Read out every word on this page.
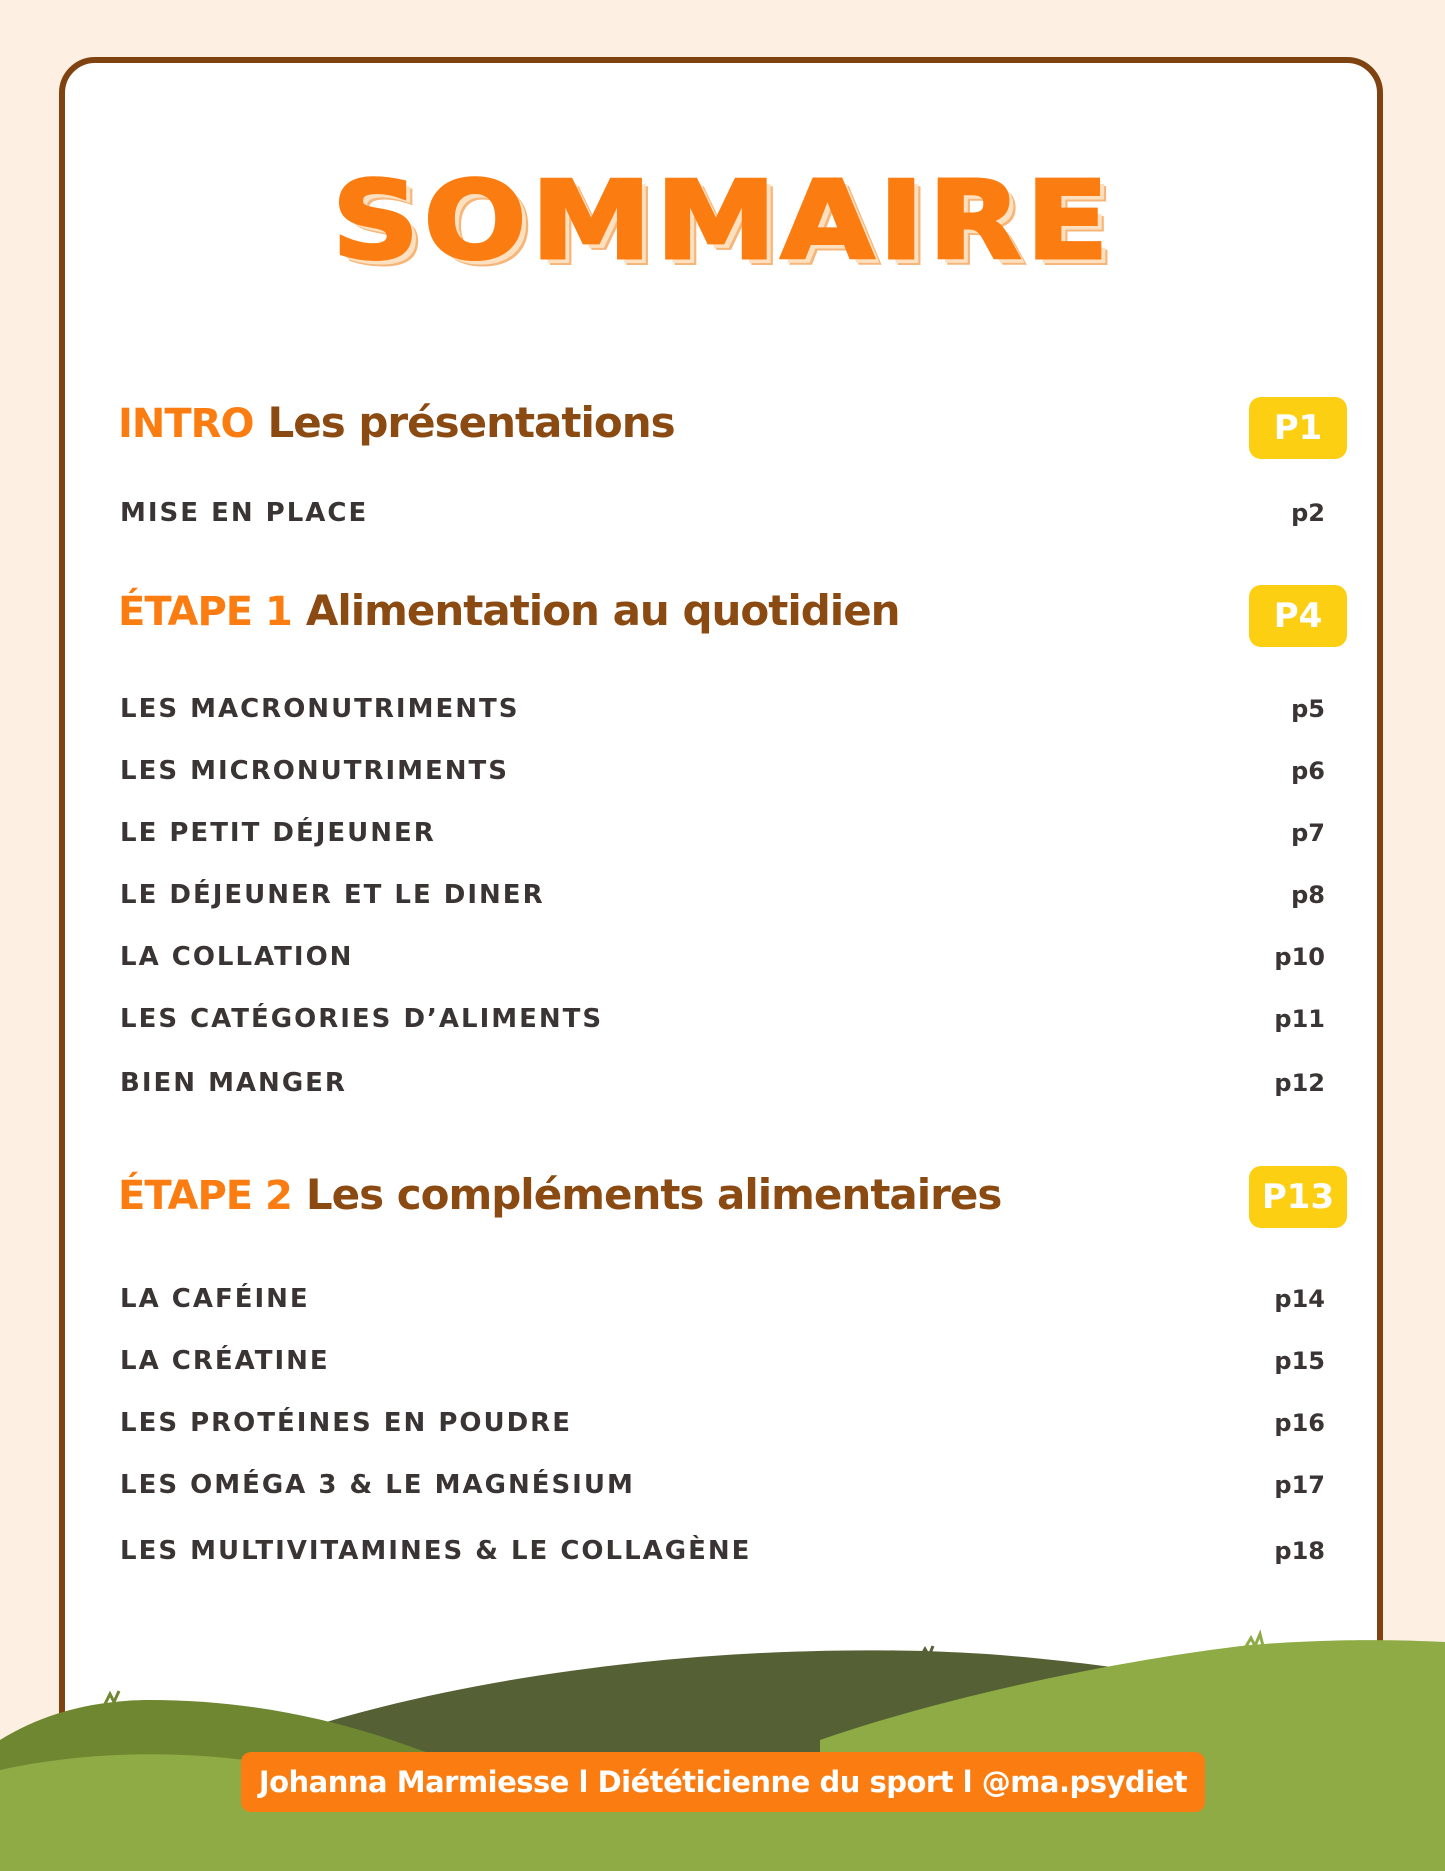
SOMMAIRE
INTRO Les présentations	P1
MISE EN PLACE	p2
ÉTAPE 1 Alimentation au quotidien	P4
LES MACRONUTRIMENTS	p5
LES MICRONUTRIMENTS	p6
LE PETIT DÉJEUNER	p7
LE DÉJEUNER ET LE DINER	p8
LA COLLATION	p10
LES CATÉGORIES D’ALIMENTS	p11
BIEN MANGER	p12
ÉTAPE 2 Les compléments alimentaires	P13
LA CAFÉINE	p14
LA CRÉATINE	p15
LES PROTÉINES EN POUDRE	p16
LES OMÉGA 3 & LE MAGNÉSIUM	p17
LES MULTIVITAMINES & LE COLLAGÈNE	p18
Johanna Marmiesse l Diététicienne du sport l @ma.psydiet
